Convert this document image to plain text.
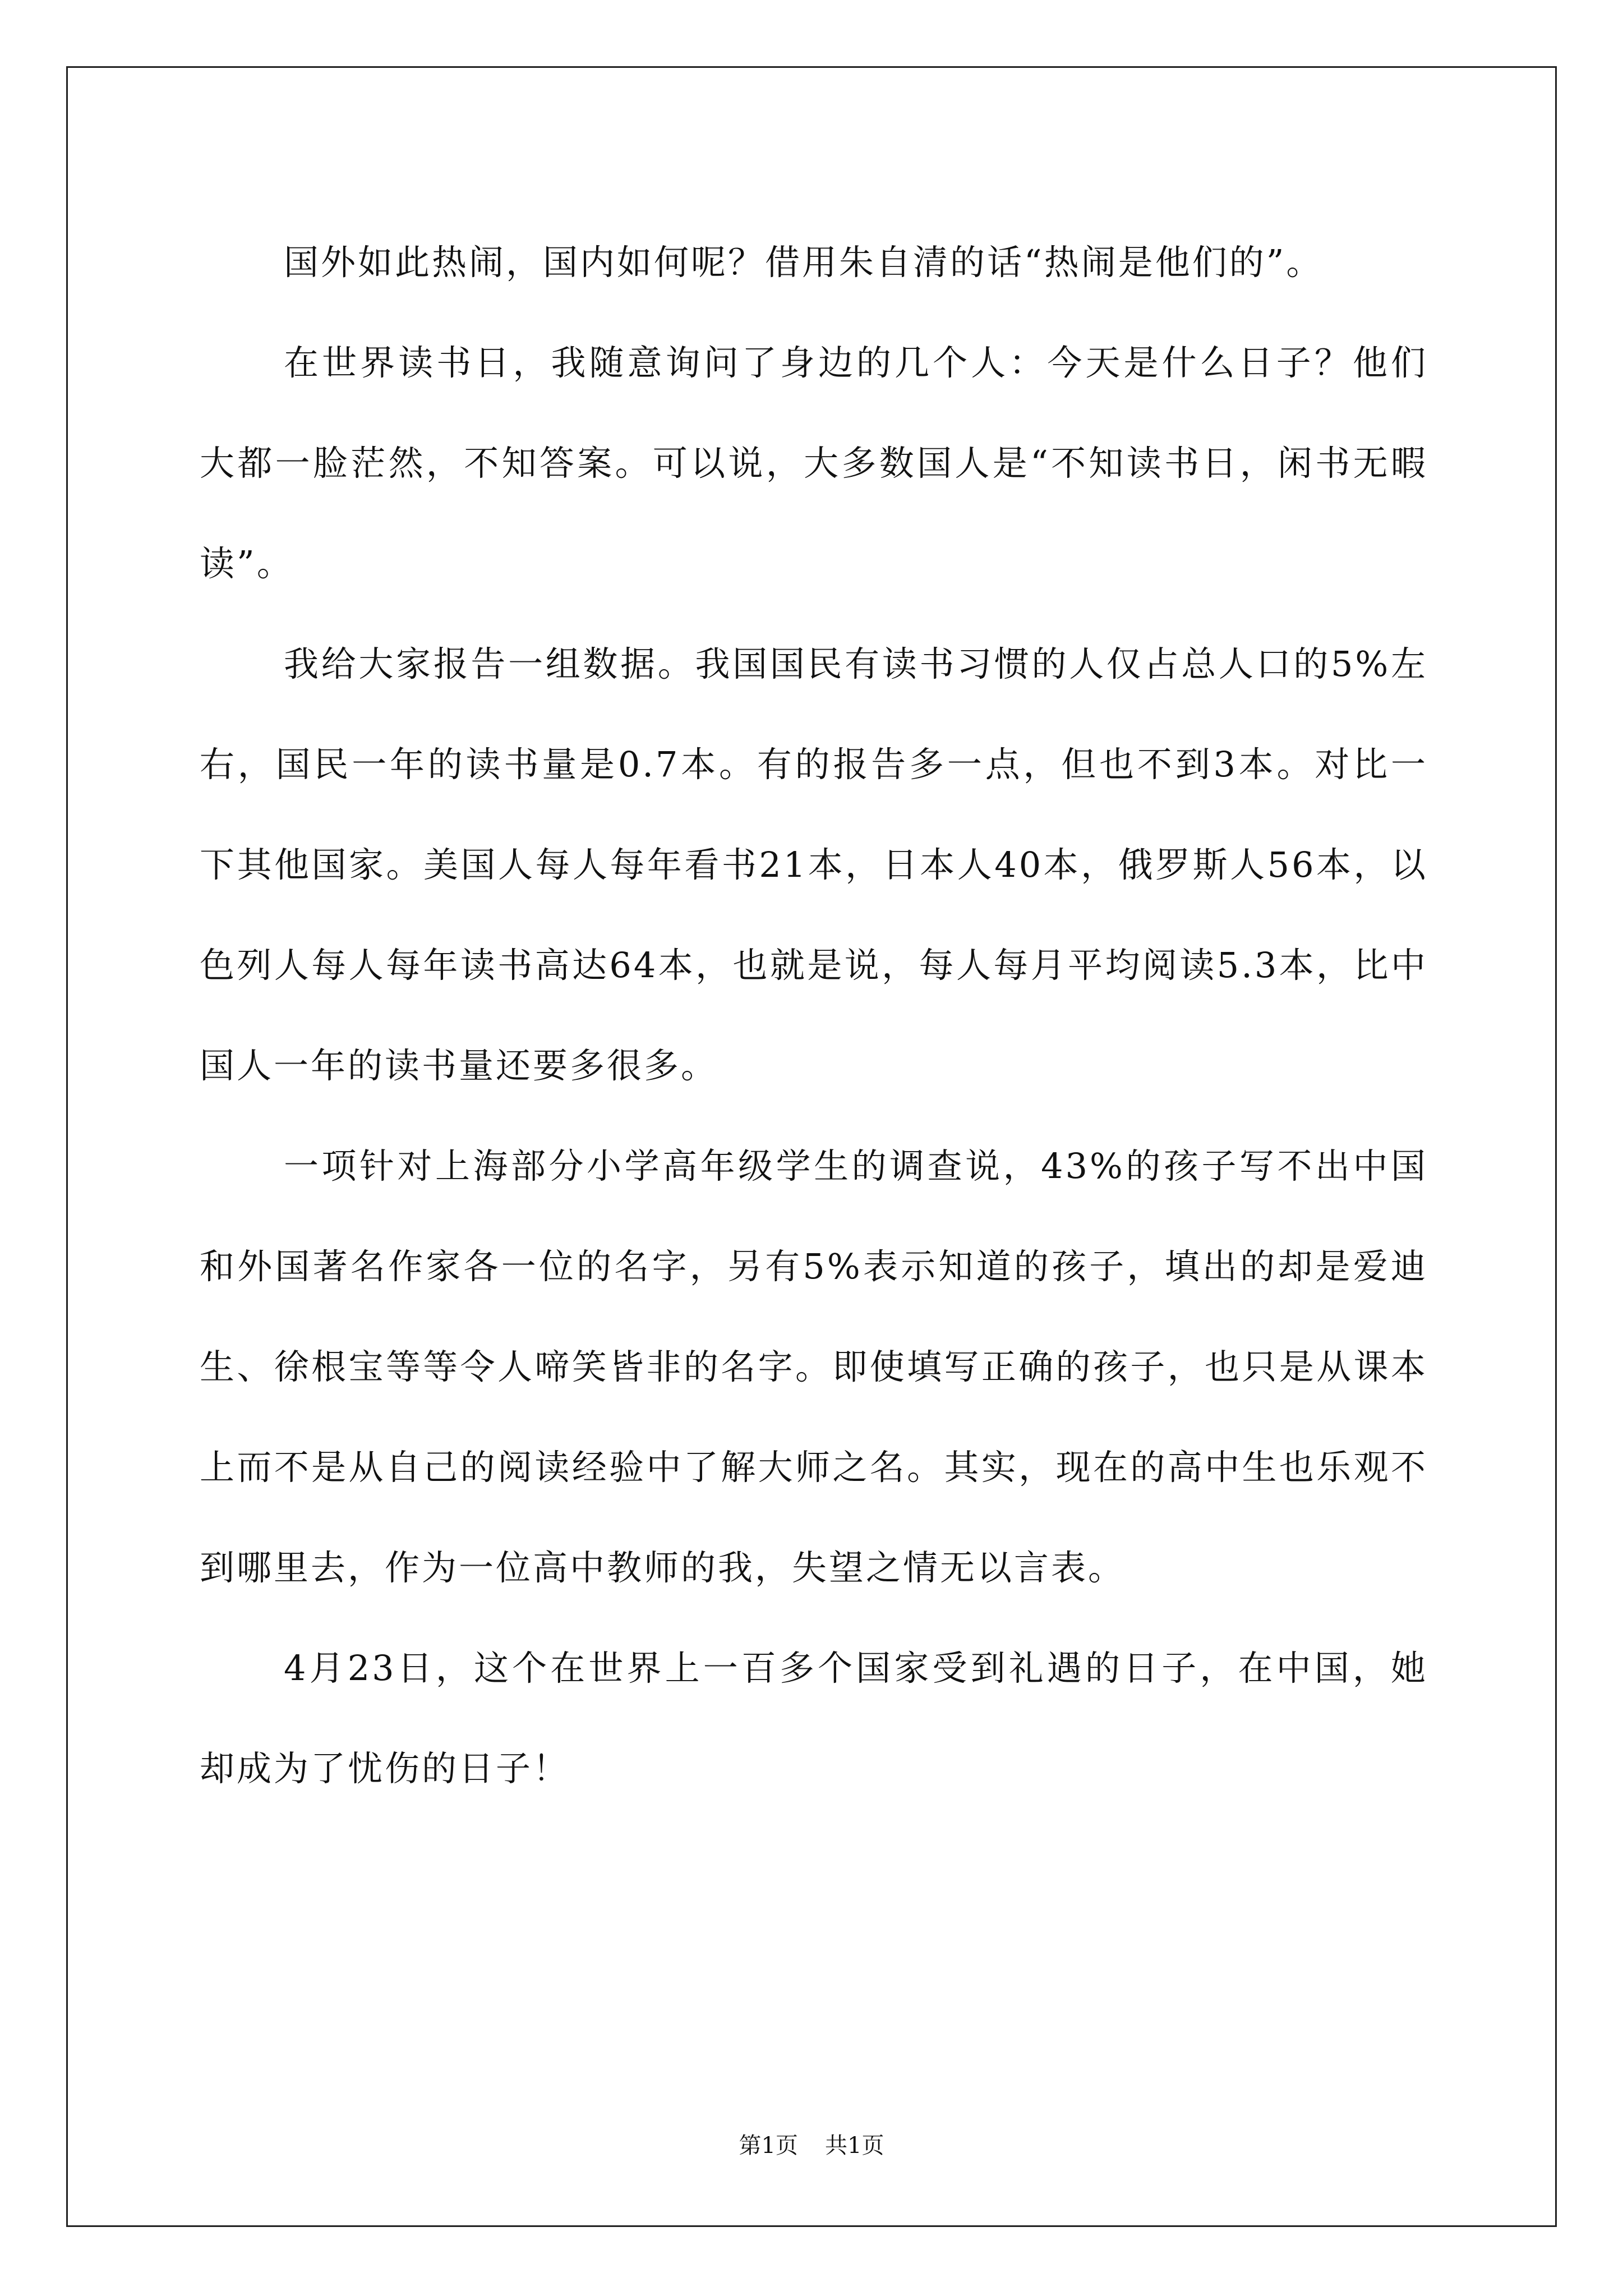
国外如此热闹，国内如何呢？借用朱自清的话“热闹是他们的”。

在世界读书日，我随意询问了身边的几个人：今天是什么日子？他们大都一脸茫然，不知答案。可以说，大多数国人是“不知读书日，闲书无暇读”。

我给大家报告一组数据。我国国民有读书习惯的人仅占总人口的5%左右，国民一年的读书量是0.7本。有的报告多一点，但也不到3本。对比一下其他国家。美国人每人每年看书21本，日本人40本，俄罗斯人56本，以色列人每人每年读书高达64本，也就是说，每人每月平均阅读5.3本，比中国人一年的读书量还要多很多。

一项针对上海部分小学高年级学生的调查说，43%的孩子写不出中国和外国著名作家各一位的名字，另有5%表示知道的孩子，填出的却是爱迪生、徐根宝等等令人啼笑皆非的名字。即使填写正确的孩子，也只是从课本上而不是从自己的阅读经验中了解大师之名。其实，现在的高中生也乐观不到哪里去，作为一位高中教师的我，失望之情无以言表。

4月23日，这个在世界上一百多个国家受到礼遇的日子，在中国，她却成为了忧伤的日子！

第1页 共1页
